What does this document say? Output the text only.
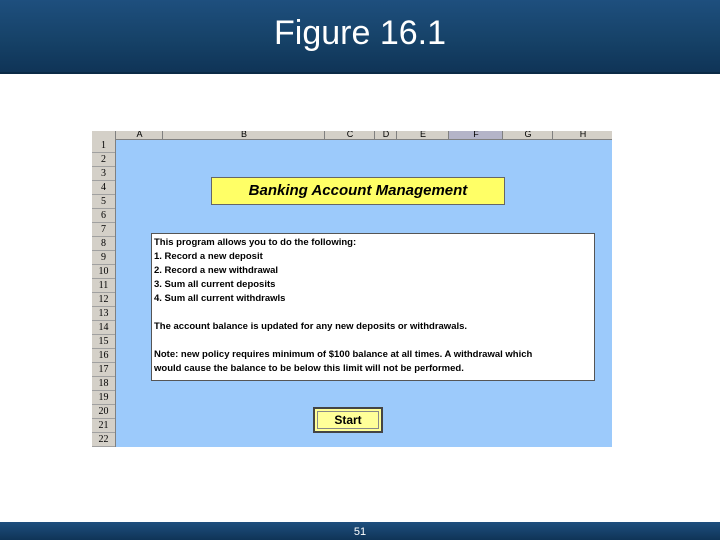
Figure 16.1
A	B	C	D	E	F	G	H
1
2
3
4
5
6
7
8
9
10
11
12
13
14
15
16
17
18
19
20
21
22
Banking Account Management
This program allows you to do the following:
1. Record a new deposit
2. Record a new withdrawal
3. Sum all current deposits
4. Sum all current withdrawls
The account balance is updated for any new deposits or withdrawals.
Note: new policy requires minimum of $100 balance at all times. A withdrawal which
would cause the balance to be below this limit will not be performed.
Start
51
